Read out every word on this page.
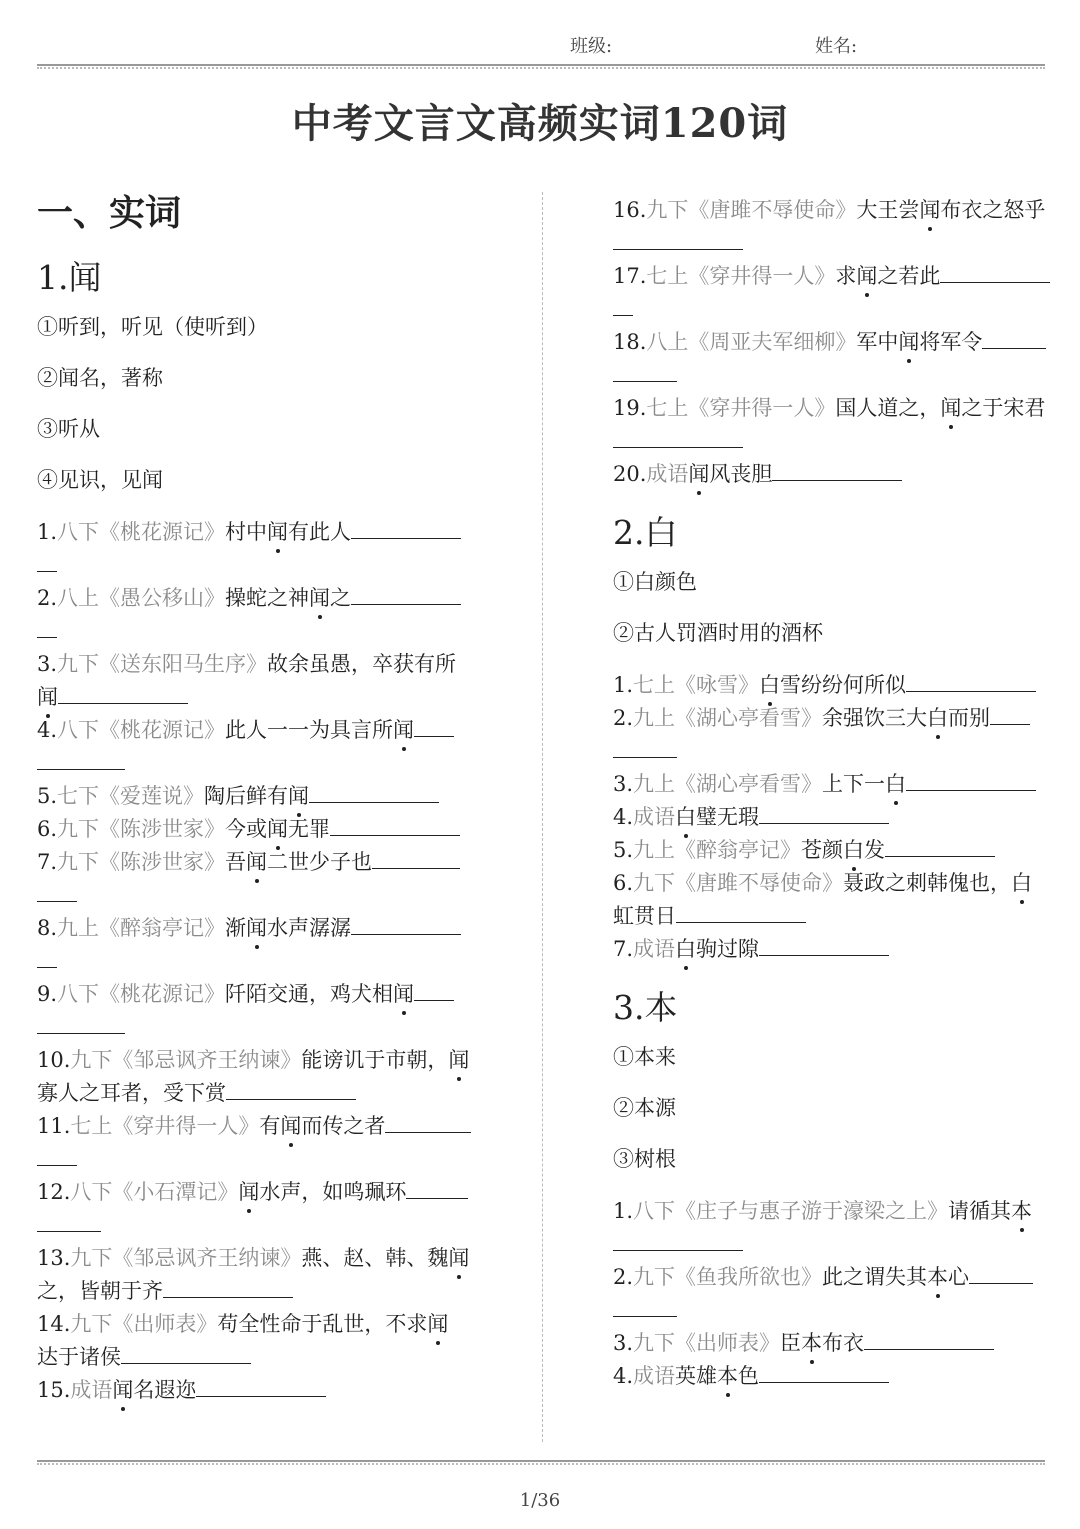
班级:	姓名:
中考文言文高频实词120词
一、实词
1.闻
①听到，听见（使听到）
②闻名，著称
③听从
④见识，见闻
1.八下《桃花源记》村中闻有此人
2.八上《愚公移山》操蛇之神闻之
3.九下《送东阳马生序》故余虽愚，卒获有所
闻
4.八下《桃花源记》此人一一为具言所闻
5.七下《爱莲说》陶后鲜有闻
6.九下《陈涉世家》今或闻无罪
7.九下《陈涉世家》吾闻二世少子也
8.九上《醉翁亭记》渐闻水声潺潺
9.八下《桃花源记》阡陌交通，鸡犬相闻
10.九下《邹忌讽齐王纳谏》能谤讥于市朝，闻
寡人之耳者，受下赏
11.七上《穿井得一人》有闻而传之者
12.八下《小石潭记》闻水声，如鸣珮环
13.九下《邹忌讽齐王纳谏》燕、赵、韩、魏闻
之，皆朝于齐
14.九下《出师表》苟全性命于乱世，不求闻
达于诸侯
15.成语闻名遐迩
16.九下《唐雎不辱使命》大王尝闻布衣之怒乎
17.七上《穿井得一人》求闻之若此
18.八上《周亚夫军细柳》军中闻将军令
19.七上《穿井得一人》国人道之，闻之于宋君
20.成语闻风丧胆
2.白
①白颜色
②古人罚酒时用的酒杯
1.七上《咏雪》白雪纷纷何所似
2.九上《湖心亭看雪》余强饮三大白而别
3.九上《湖心亭看雪》上下一白
4.成语白璧无瑕
5.九上《醉翁亭记》苍颜白发
6.九下《唐雎不辱使命》聂政之刺韩傀也，白
虹贯日
7.成语白驹过隙
3.本
①本来
②本源
③树根
1.八下《庄子与惠子游于濠梁之上》请循其本
2.九下《鱼我所欲也》此之谓失其本心
3.九下《出师表》臣本布衣
4.成语英雄本色
1/36
